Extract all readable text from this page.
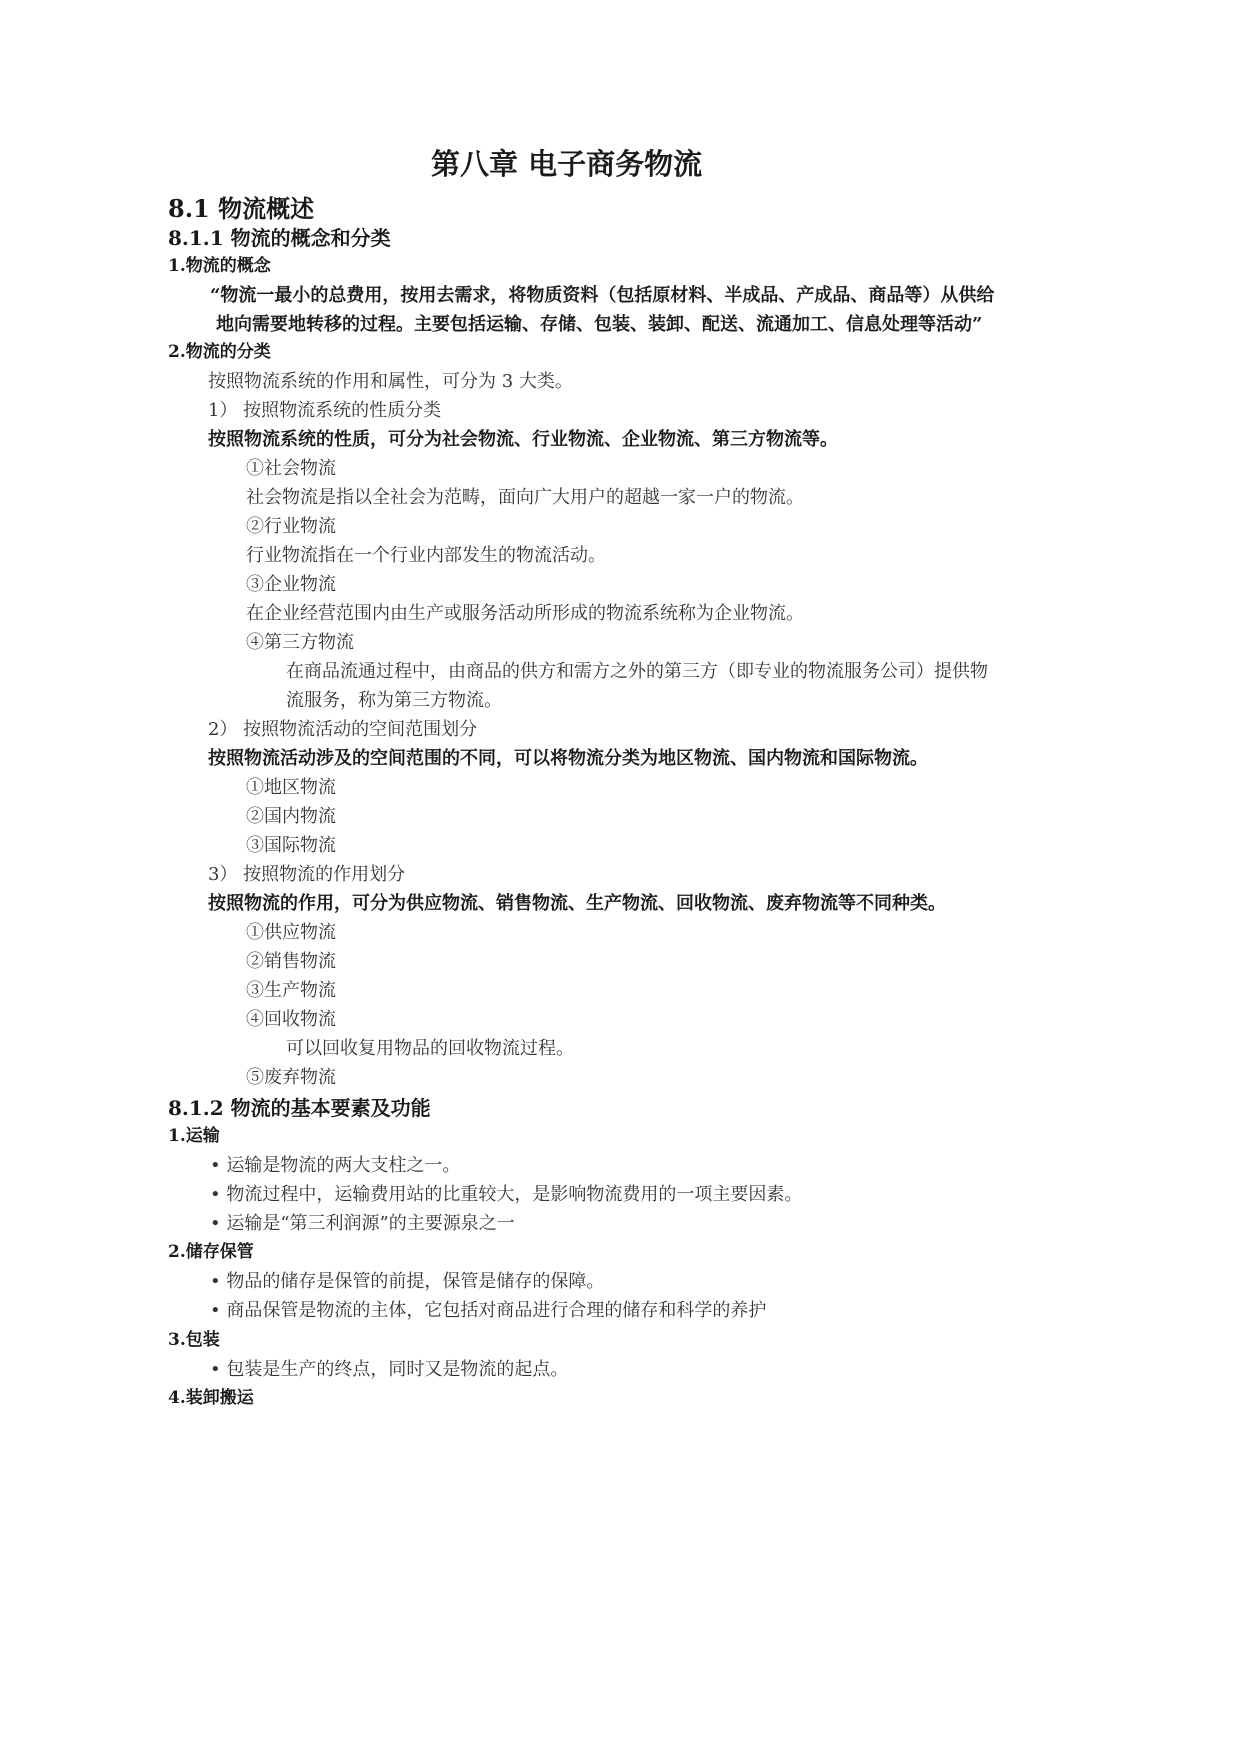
第八章 电子商务物流
8.1 物流概述
8.1.1 物流的概念和分类
1.物流的概念
“物流一最小的总费用，按用去需求，将物质资料（包括原材料、半成品、产成品、商品等）从供给
地向需要地转移的过程。主要包括运输、存储、包装、装卸、配送、流通加工、信息处理等活动”
2.物流的分类
按照物流系统的作用和属性，可分为 3 大类。
1） 按照物流系统的性质分类
按照物流系统的性质，可分为社会物流、行业物流、企业物流、第三方物流等。
①社会物流
社会物流是指以全社会为范畴，面向广大用户的超越一家一户的物流。
②行业物流
行业物流指在一个行业内部发生的物流活动。
③企业物流
在企业经营范围内由生产或服务活动所形成的物流系统称为企业物流。
④第三方物流
在商品流通过程中，由商品的供方和需方之外的第三方（即专业的物流服务公司）提供物
流服务，称为第三方物流。
2） 按照物流活动的空间范围划分
按照物流活动涉及的空间范围的不同，可以将物流分类为地区物流、国内物流和国际物流。
①地区物流
②国内物流
③国际物流
3） 按照物流的作用划分
按照物流的作用，可分为供应物流、销售物流、生产物流、回收物流、废弃物流等不同种类。
①供应物流
②销售物流
③生产物流
④回收物流
可以回收复用物品的回收物流过程。
⑤废弃物流
8.1.2 物流的基本要素及功能
1.运输
• 运输是物流的两大支柱之一。
• 物流过程中，运输费用站的比重较大，是影响物流费用的一项主要因素。
• 运输是“第三利润源”的主要源泉之一
2.储存保管
• 物品的储存是保管的前提，保管是储存的保障。
• 商品保管是物流的主体，它包括对商品进行合理的储存和科学的养护
3.包装
• 包装是生产的终点，同时又是物流的起点。
4.装卸搬运
